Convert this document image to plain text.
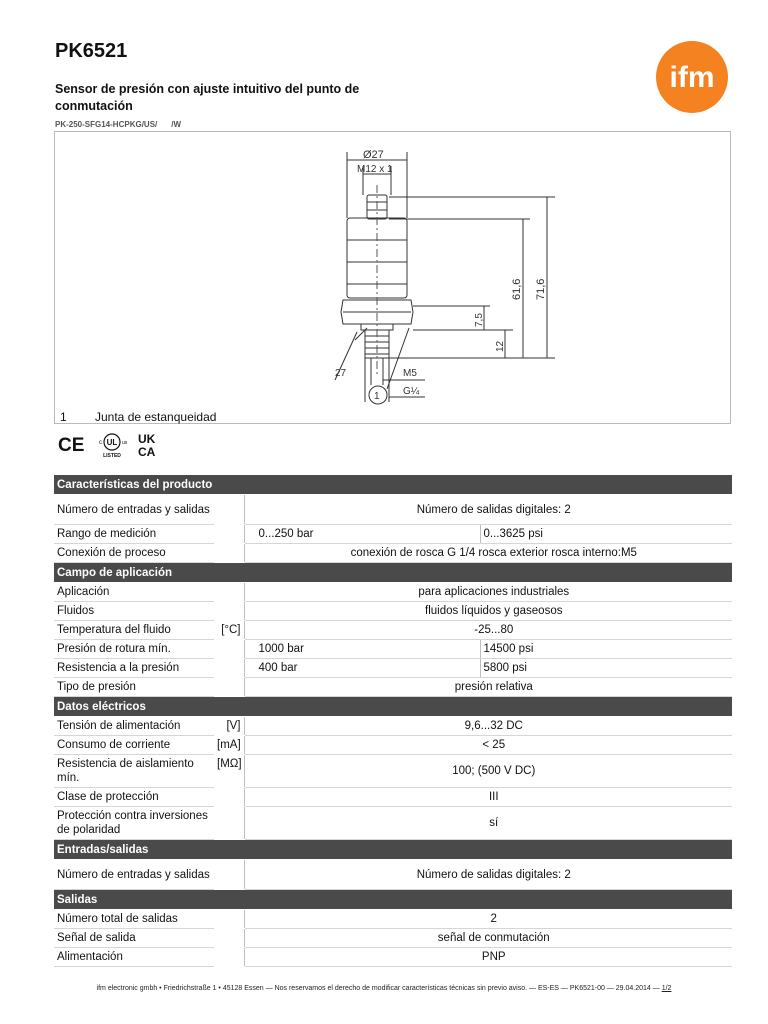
PK6521
ifm
Sensor de presión con ajuste intuitivo del punto de conmutación
PK-250-SFG14-HCPKG/US/ /W
Ø27
M12 x 1
1
27	M5
G¼
61,6 71,6
7,5
12
1 Junta de estanqueidad
CE c UL us
LISTED
UK
CA
Características del producto			
Número de entradas y salidas		Número de salidas digitales: 2	
Rango de medición		0...250 bar	0...3625 psi
Conexión de proceso		conexión de rosca G 1/4 rosca exterior rosca interno:M5	
Campo de aplicación			
Aplicación		para aplicaciones industriales	
Fluidos		fluidos líquidos y gaseosos	
Temperatura del fluido	[°C]	-25...80	
Presión de rotura mín.		1000 bar	14500 psi
Resistencia a la presión		400 bar	5800 psi
Tipo de presión		presión relativa	
Datos eléctricos			
Tensión de alimentación	[V]	9,6...32 DC	
Consumo de corriente	[mA]	< 25	
Resistencia de aislamiento mín.	[MΩ]	100; (500 V DC)	
Clase de protección		III	
Protección contra inversiones de polaridad		sí	
Entradas/salidas			
Número de entradas y salidas		Número de salidas digitales: 2	
Salidas			
Número total de salidas		2	
Señal de salida		señal de conmutación	
Alimentación		PNP	
ifm electronic gmbh • Friedrichstraße 1 • 45128 Essen — Nos reservamos el derecho de modificar características técnicas sin previo aviso. — ES-ES — PK6521-00 — 29.04.2014 — 1/2
